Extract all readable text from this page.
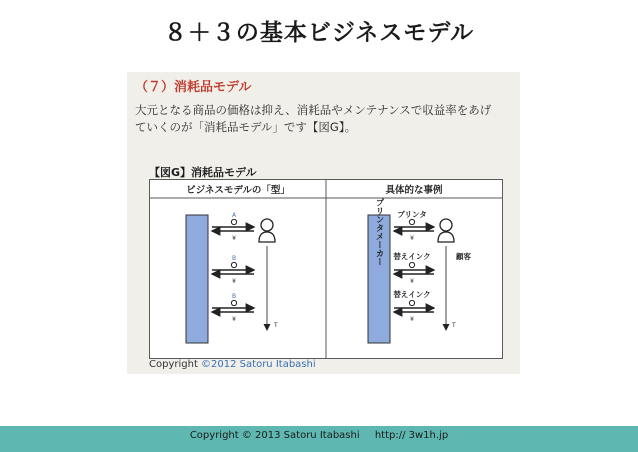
８＋３の基本ビジネスモデル
（７）消耗品モデル
大元となる商品の価格は抑え、消耗品やメンテナンスで収益率をあげ
ていくのが「消耗品モデル」です【図G】。
【図G】消耗品モデル
ビジネスモデルの「型」	具体的な事例
T
A
¥
B
¥
B
¥
プリンタメーカー	顧客
T
プリンタ
¥
替えインク
¥
替えインク
¥
Copyright ©2012 Satoru Itabashi
Copyright © 2013 Satoru Itabashi http:// 3w1h.jp
